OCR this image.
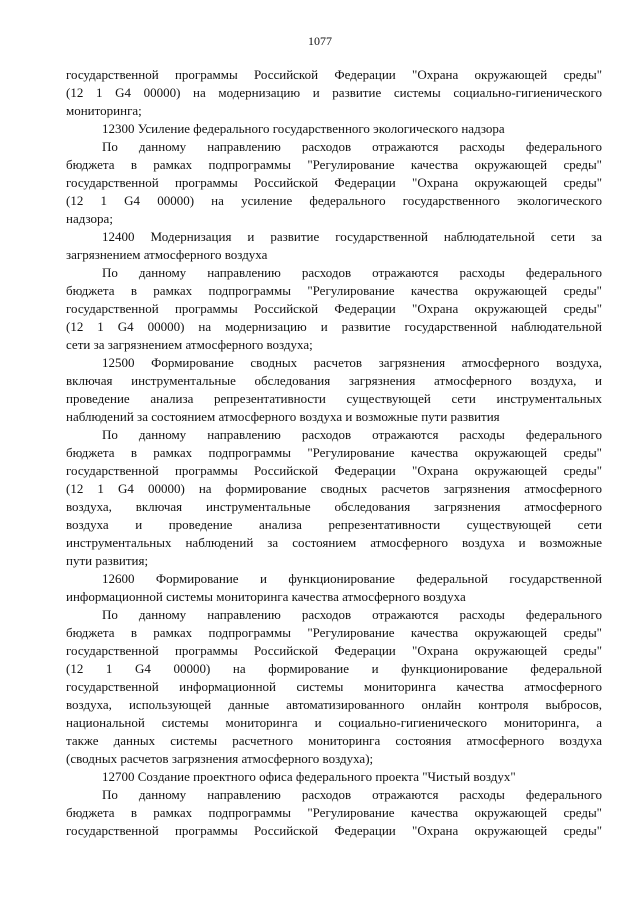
1077
государственной программы Российской Федерации "Охрана окружающей среды"
(12 1 G4 00000) на модернизацию и развитие системы социально-гигиенического
мониторинга;
12300 Усиление федерального государственного экологического надзора
По данному направлению расходов отражаются расходы федерального
бюджета в рамках подпрограммы "Регулирование качества окружающей среды"
государственной программы Российской Федерации "Охрана окружающей среды"
(12 1 G4 00000) на усиление федерального государственного экологического
надзора;
12400 Модернизация и развитие государственной наблюдательной сети за
загрязнением атмосферного воздуха
По данному направлению расходов отражаются расходы федерального
бюджета в рамках подпрограммы "Регулирование качества окружающей среды"
государственной программы Российской Федерации "Охрана окружающей среды"
(12 1 G4 00000) на модернизацию и развитие государственной наблюдательной
сети за загрязнением атмосферного воздуха;
12500 Формирование сводных расчетов загрязнения атмосферного воздуха,
включая инструментальные обследования загрязнения атмосферного воздуха, и
проведение анализа репрезентативности существующей сети инструментальных
наблюдений за состоянием атмосферного воздуха и возможные пути развития
По данному направлению расходов отражаются расходы федерального
бюджета в рамках подпрограммы "Регулирование качества окружающей среды"
государственной программы Российской Федерации "Охрана окружающей среды"
(12 1 G4 00000) на формирование сводных расчетов загрязнения атмосферного
воздуха, включая инструментальные обследования загрязнения атмосферного
воздуха и проведение анализа репрезентативности существующей сети
инструментальных наблюдений за состоянием атмосферного воздуха и возможные
пути развития;
12600 Формирование и функционирование федеральной государственной
информационной системы мониторинга качества атмосферного воздуха
По данному направлению расходов отражаются расходы федерального
бюджета в рамках подпрограммы "Регулирование качества окружающей среды"
государственной программы Российской Федерации "Охрана окружающей среды"
(12 1 G4 00000) на формирование и функционирование федеральной
государственной информационной системы мониторинга качества атмосферного
воздуха, использующей данные автоматизированного онлайн контроля выбросов,
национальной системы мониторинга и социально-гигиенического мониторинга, а
также данных системы расчетного мониторинга состояния атмосферного воздуха
(сводных расчетов загрязнения атмосферного воздуха);
12700 Создание проектного офиса федерального проекта "Чистый воздух"
По данному направлению расходов отражаются расходы федерального
бюджета в рамках подпрограммы "Регулирование качества окружающей среды"
государственной программы Российской Федерации "Охрана окружающей среды"
